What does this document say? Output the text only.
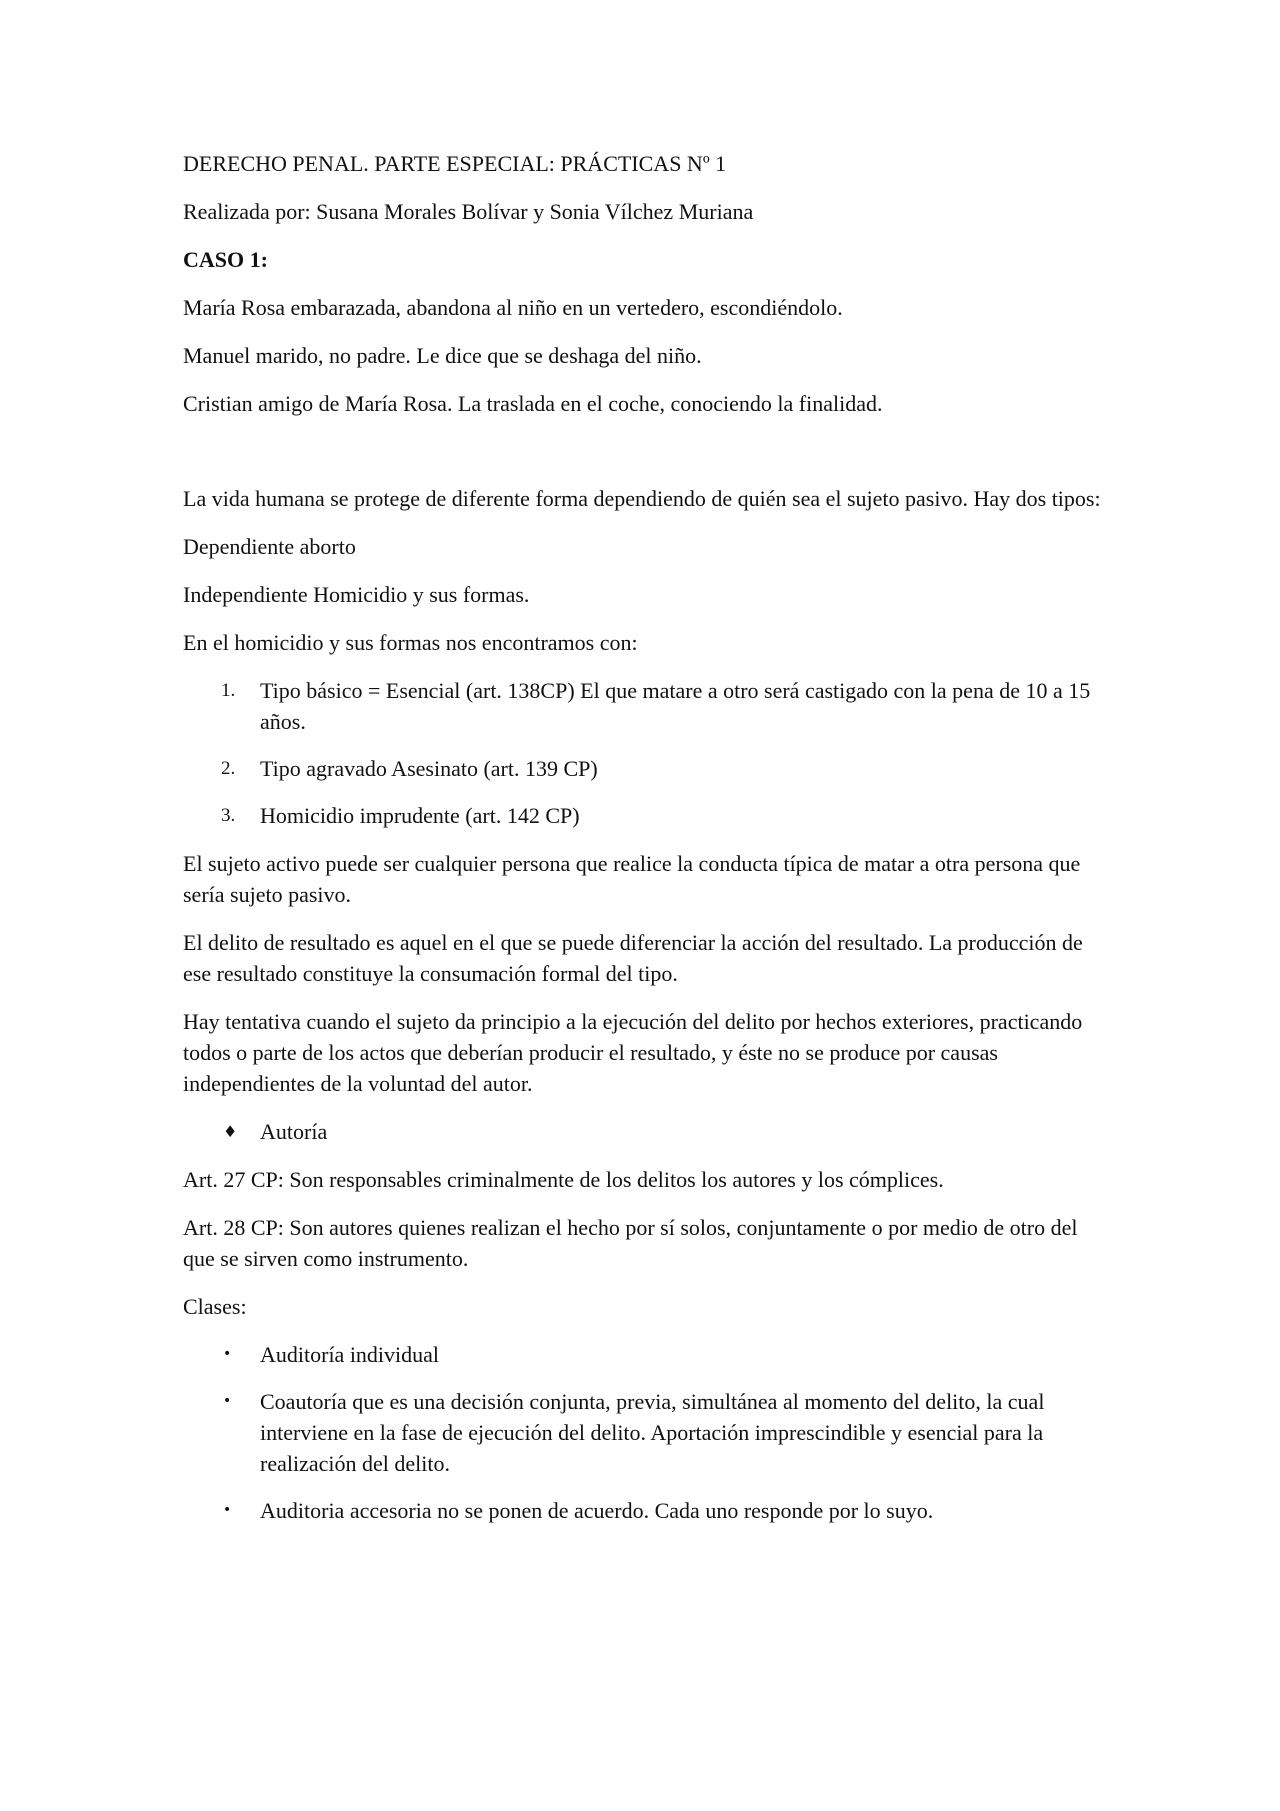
DERECHO PENAL. PARTE ESPECIAL: PRÁCTICAS Nº 1

Realizada por: Susana Morales Bolívar y Sonia Vílchez Muriana

CASO 1:

María Rosa embarazada, abandona al niño en un vertedero, escondiéndolo.

Manuel marido, no padre. Le dice que se deshaga del niño.

Cristian amigo de María Rosa. La traslada en el coche, conociendo la finalidad.

La vida humana se protege de diferente forma dependiendo de quién sea el sujeto pasivo. Hay dos tipos:

Dependiente aborto

Independiente Homicidio y sus formas.

En el homicidio y sus formas nos encontramos con:

1. Tipo básico = Esencial (art. 138CP) El que matare a otro será castigado con la pena de 10 a 15 años.
2. Tipo agravado Asesinato (art. 139 CP)
3. Homicidio imprudente (art. 142 CP)

El sujeto activo puede ser cualquier persona que realice la conducta típica de matar a otra persona que sería sujeto pasivo.

El delito de resultado es aquel en el que se puede diferenciar la acción del resultado. La producción de ese resultado constituye la consumación formal del tipo.

Hay tentativa cuando el sujeto da principio a la ejecución del delito por hechos exteriores, practicando todos o parte de los actos que deberían producir el resultado, y éste no se produce por causas independientes de la voluntad del autor.

♦ Autoría

Art. 27 CP: Son responsables criminalmente de los delitos los autores y los cómplices.

Art. 28 CP: Son autores quienes realizan el hecho por sí solos, conjuntamente o por medio de otro del que se sirven como instrumento.

Clases:

• Auditoría individual
• Coautoría que es una decisión conjunta, previa, simultánea al momento del delito, la cual interviene en la fase de ejecución del delito. Aportación imprescindible y esencial para la realización del delito.
• Auditoria accesoria no se ponen de acuerdo. Cada uno responde por lo suyo.
